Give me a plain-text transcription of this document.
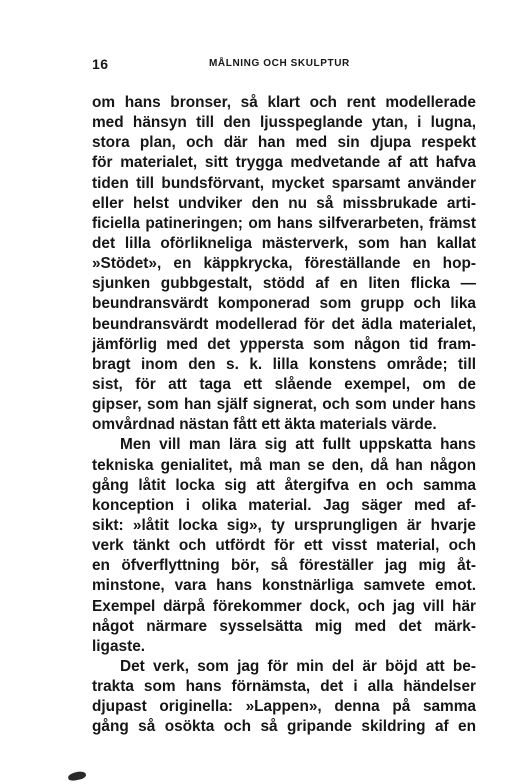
16	MÅLNING OCH SKULPTUR
om hans bronser, så klart och rent modellerade
med hänsyn till den ljusspeglande ytan, i lugna,
stora plan, och där han med sin djupa respekt
för materialet, sitt trygga medvetande af att hafva
tiden till bundsförvant, mycket sparsamt använder
eller helst undviker den nu så missbrukade arti-
ficiella patineringen; om hans silfverarbeten, främst
det lilla oförlikneliga mästerverk, som han kallat
»Stödet», en käppkrycka, föreställande en hop-
sjunken gubbgestalt, stödd af en liten flicka —
beundransvärdt komponerad som grupp och lika
beundransvärdt modellerad för det ädla materialet,
jämförlig med det yppersta som någon tid fram-
bragt inom den s. k. lilla konstens område; till
sist, för att taga ett slående exempel, om de
gipser, som han själf signerat, och som under hans
omvårdnad nästan fått ett äkta materials värde.
Men vill man lära sig att fullt uppskatta hans
tekniska genialitet, må man se den, då han någon
gång låtit locka sig att återgifva en och samma
konception i olika material. Jag säger med af-
sikt: »låtit locka sig», ty ursprungligen är hvarje
verk tänkt och utfördt för ett visst material, och
en öfverflyttning bör, så föreställer jag mig åt-
minstone, vara hans konstnärliga samvete emot.
Exempel därpå förekommer dock, och jag vill här
något närmare sysselsätta mig med det märk-
ligaste.
Det verk, som jag för min del är böjd att be-
trakta som hans förnämsta, det i alla händelser
djupast originella: »Lappen», denna på samma
gång så osökta och så gripande skildring af en
